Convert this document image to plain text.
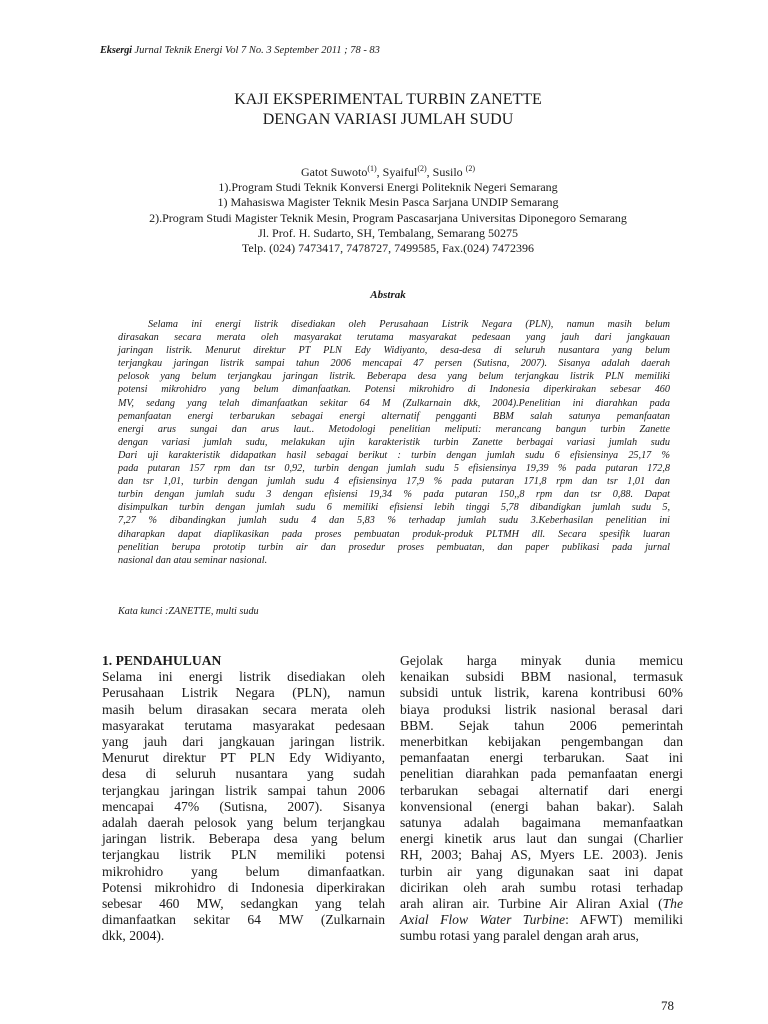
Eksergi Jurnal Teknik Energi Vol 7 No. 3 September 2011 ; 78 - 83
KAJI EKSPERIMENTAL TURBIN ZANETTE
DENGAN VARIASI JUMLAH SUDU
Gatot Suwoto$^{(1)}$, Syaiful$^{(2)}$, Susilo $^{(2)}$
1).Program Studi Teknik Konversi Energi Politeknik Negeri Semarang
1) Mahasiswa Magister Teknik Mesin Pasca Sarjana UNDIP Semarang
2).Program Studi Magister Teknik Mesin, Program Pascasarjana Universitas Diponegoro Semarang
Jl. Prof. H. Sudarto, SH, Tembalang, Semarang 50275
Telp. (024) 7473417, 7478727, 7499585, Fax.(024) 7472396
Abstrak
Selama ini energi listrik disediakan oleh Perusahaan Listrik Negara (PLN), namun masih belum
dirasakan secara merata oleh masyarakat terutama masyarakat pedesaan yang jauh dari jangkauan
jaringan listrik. Menurut direktur PT PLN Edy Widiyanto, desa-desa di seluruh nusantara yang belum
terjangkau jaringan listrik sampai tahun 2006 mencapai 47 persen (Sutisna, 2007). Sisanya adalah daerah
pelosok yang belum terjangkau jaringan listrik. Beberapa desa yang belum terjangkau listrik PLN memiliki
potensi mikrohidro yang belum dimanfaatkan. Potensi mikrohidro di Indonesia diperkirakan sebesar 460
MV, sedang yang telah dimanfaatkan sekitar 64 M (Zulkarnain dkk, 2004).Penelitian ini diarahkan pada
pemanfaatan energi terbarukan sebagai energi alternatif pengganti BBM salah satunya pemanfaatan
energi arus sungai dan arus laut.. Metodologi penelitian meliputi: merancang bangun turbin Zanette
dengan variasi jumlah sudu, melakukan ujin karakteristik turbin Zanette berbagai variasi jumlah sudu
Dari uji karakteristik didapatkan hasil sebagai berikut : turbin dengan jumlah sudu 6 efisiensinya 25,17 %
pada putaran 157 rpm dan tsr 0,92, turbin dengan jumlah sudu 5 efisiensinya 19,39 % pada putaran 172,8
dan tsr 1,01, turbin dengan jumlah sudu 4 efisiensinya 17,9 % pada putaran 171,8 rpm dan tsr 1,01 dan
turbin dengan jumlah sudu 3 dengan efisiensi 19,34 % pada putaran 150,,8 rpm dan tsr 0,88. Dapat
disimpulkan turbin dengan jumlah sudu 6 memiliki efisiensi lebih tinggi 5,78 dibandigkan jumlah sudu 5,
7,27 % dibandingkan jumlah sudu 4 dan 5,83 % terhadap jumlah sudu 3.Keberhasilan penelitian ini
diharapkan dapat diaplikasikan pada proses pembuatan produk-produk PLTMH dll. Secara spesifik luaran
penelitian berupa prototip turbin air dan prosedur proses pembuatan, dan paper publikasi pada jurnal
nasional dan atau seminar nasional.
Kata kunci :ZANETTE, multi sudu
1. PENDAHULUAN
Selama ini energi listrik disediakan oleh
Perusahaan Listrik Negara (PLN), namun
masih belum dirasakan secara merata oleh
masyarakat terutama masyarakat pedesaan
yang jauh dari jangkauan jaringan listrik.
Menurut direktur PT PLN Edy Widiyanto,
desa di seluruh nusantara yang sudah
terjangkau jaringan listrik sampai tahun 2006
mencapai 47% (Sutisna, 2007). Sisanya
adalah daerah pelosok yang belum terjangkau
jaringan listrik. Beberapa desa yang belum
terjangkau listrik PLN memiliki potensi
mikrohidro yang belum dimanfaatkan.
Potensi mikrohidro di Indonesia diperkirakan
sebesar 460 MW, sedangkan yang telah
dimanfaatkan sekitar 64 MW (Zulkarnain
dkk, 2004).
Gejolak harga minyak dunia memicu
kenaikan subsidi BBM nasional, termasuk
subsidi untuk listrik, karena kontribusi 60%
biaya produksi listrik nasional berasal dari
BBM. Sejak tahun 2006 pemerintah
menerbitkan kebijakan pengembangan dan
pemanfaatan energi terbarukan. Saat ini
penelitian diarahkan pada pemanfaatan energi
terbarukan sebagai alternatif dari energi
konvensional (energi bahan bakar). Salah
satunya adalah bagaimana memanfaatkan
energi kinetik arus laut dan sungai (Charlier
RH, 2003; Bahaj AS, Myers LE. 2003). Jenis
turbin air yang digunakan saat ini dapat
dicirikan oleh arah sumbu rotasi terhadap
arah aliran air. Turbine Air Aliran Axial (The
Axial Flow Water Turbine: AFWT) memiliki
sumbu rotasi yang paralel dengan arah arus,
78
